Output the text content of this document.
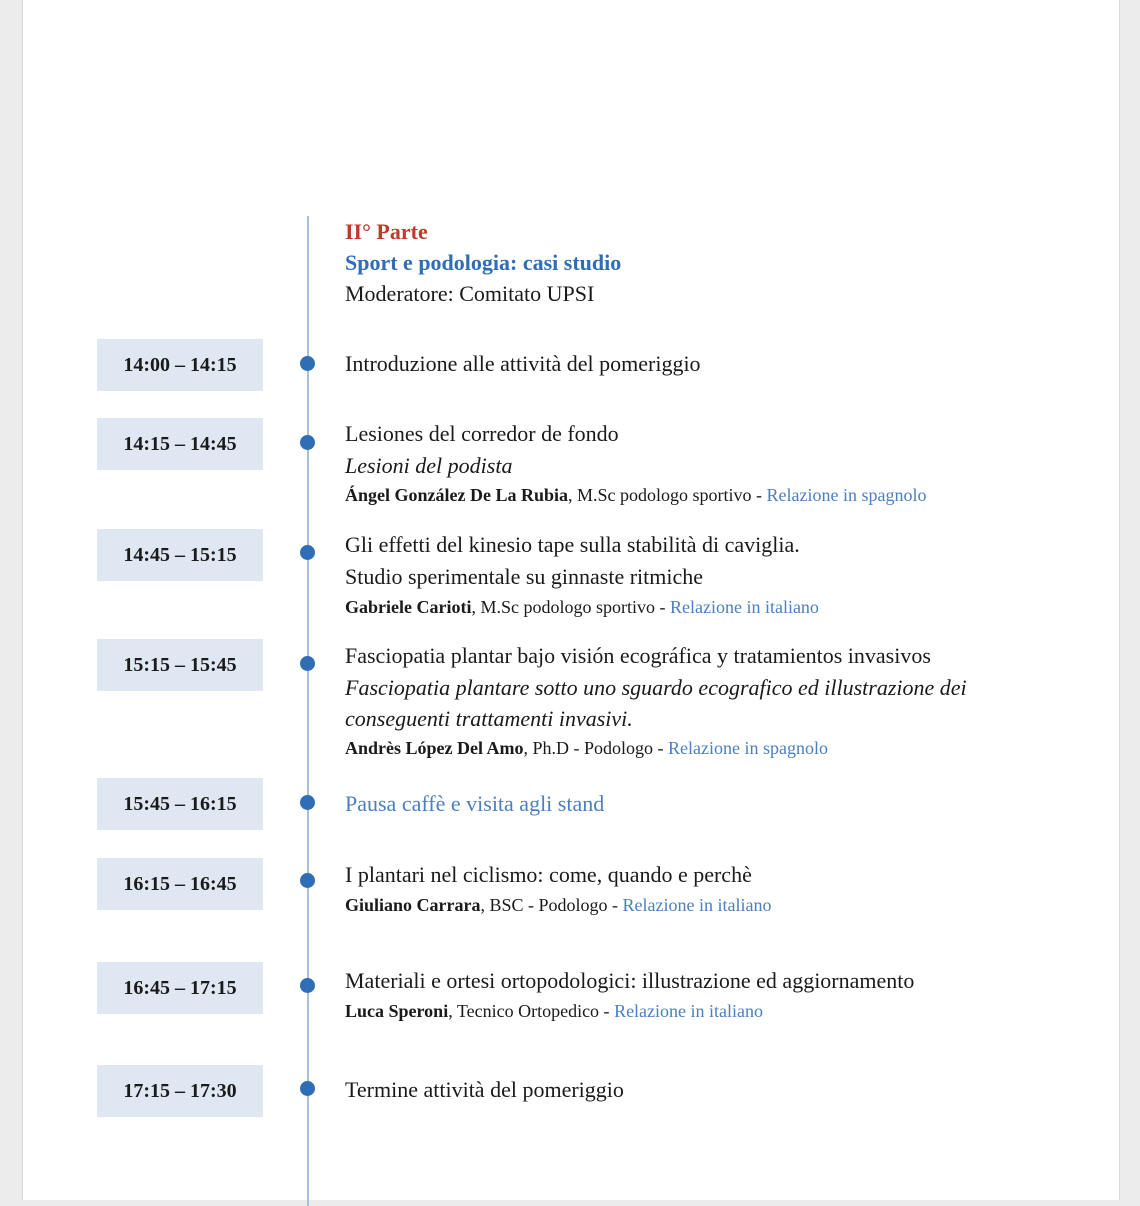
II° Parte
Sport e podologia: casi studio
Moderatore: Comitato UPSI
14:00 – 14:15	Introduzione alle attività del pomeriggio
14:15 – 14:45	Lesiones del corredor de fondo
Lesioni del podista
Ángel González De La Rubia, M.Sc podologo sportivo - Relazione in spagnolo
14:45 – 15:15	Gli effetti del kinesio tape sulla stabilità di caviglia.
Studio sperimentale su ginnaste ritmiche
Gabriele Carioti, M.Sc podologo sportivo - Relazione in italiano
15:15 – 15:45	Fasciopatia plantar bajo visión ecográfica y tratamientos invasivos
Fasciopatia plantare sotto uno sguardo ecografico ed illustrazione dei
conseguenti trattamenti invasivi.
Andrès López Del Amo, Ph.D - Podologo - Relazione in spagnolo
15:45 – 16:15	Pausa caffè e visita agli stand
16:15 – 16:45	I plantari nel ciclismo: come, quando e perchè
Giuliano Carrara, BSC - Podologo - Relazione in italiano
16:45 – 17:15	Materiali e ortesi ortopodologici: illustrazione ed aggiornamento
Luca Speroni, Tecnico Ortopedico - Relazione in italiano
17:15 – 17:30	Termine attività del pomeriggio
